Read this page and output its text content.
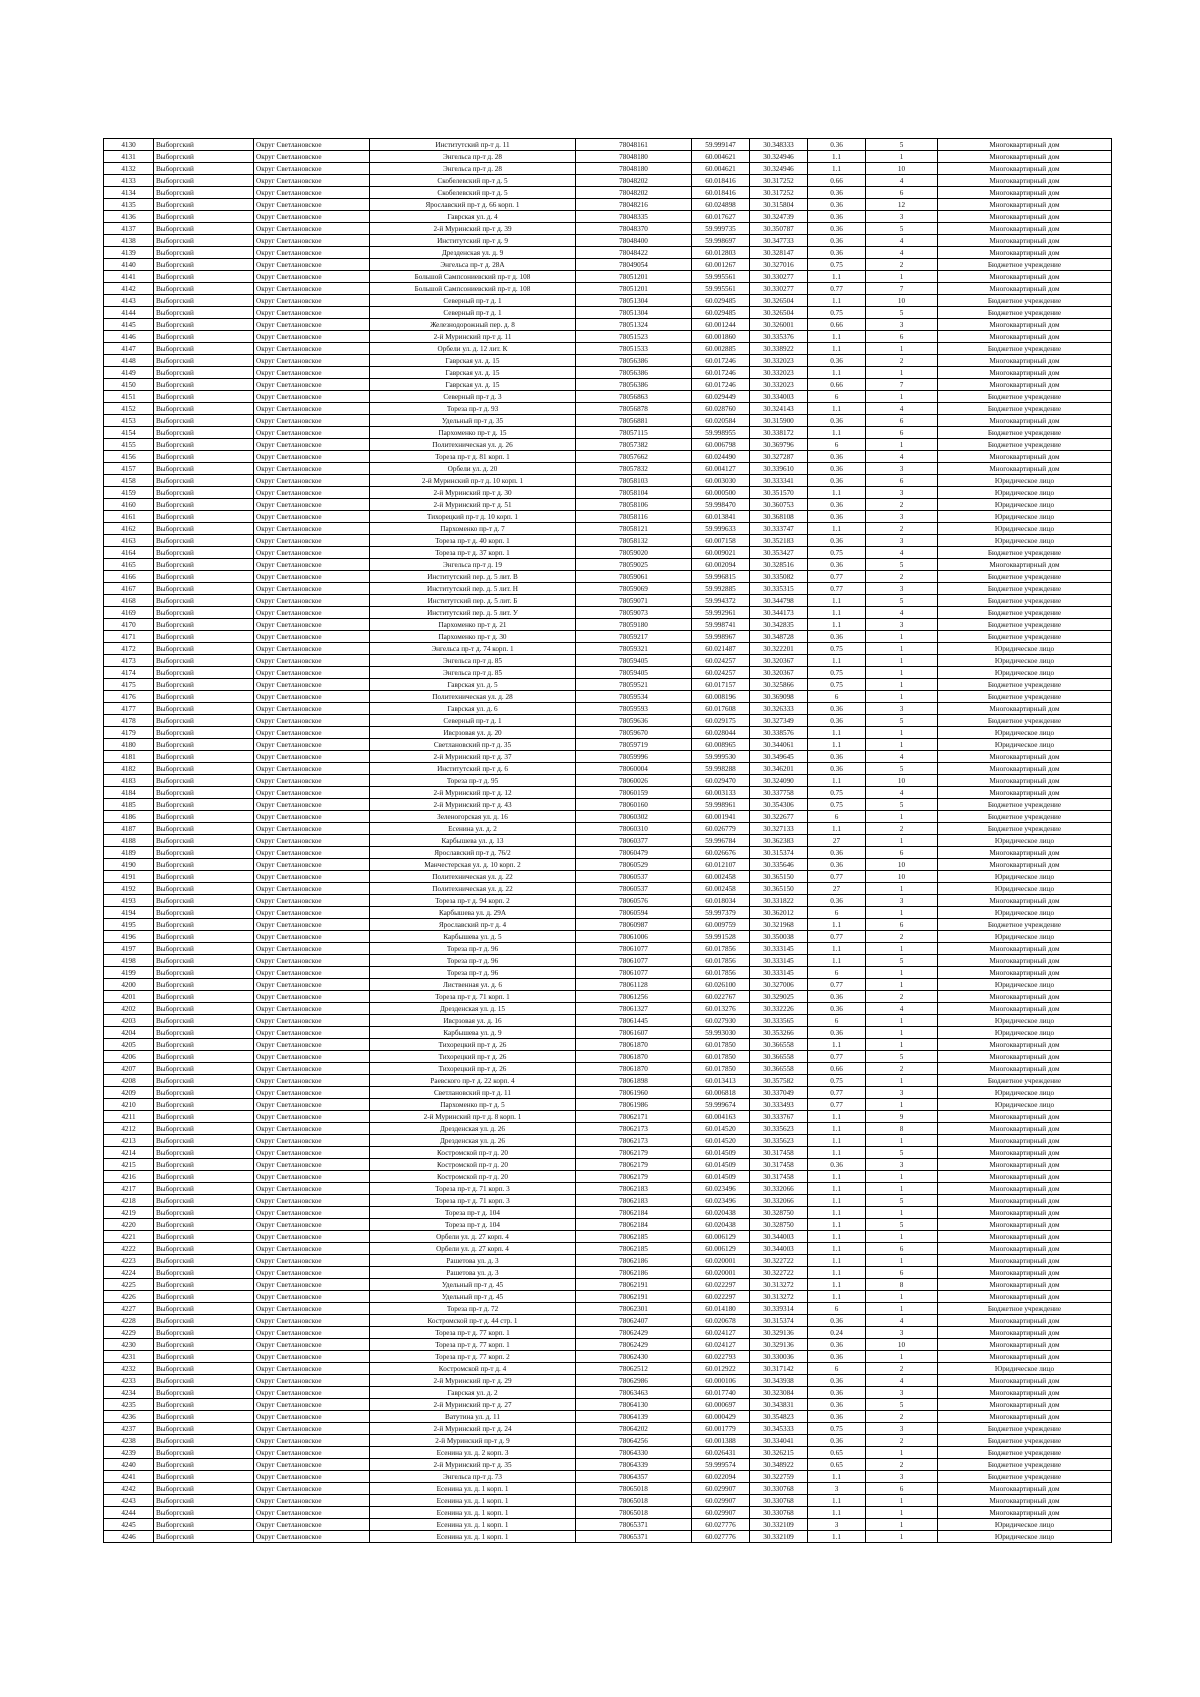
4130	Выборгский	Округ Светлановское	Институтский пр-т д. 11	78048161	59.999147	30.348333	0.36	5	Многоквартирный дом
4131	Выборгский	Округ Светлановское	Энгельса пр-т д. 28	78048180	60.004621	30.324946	1.1	1	Многоквартирный дом
4132	Выборгский	Округ Светлановское	Энгельса пр-т д. 28	78048180	60.004621	30.324946	1.1	10	Многоквартирный дом
4133	Выборгский	Округ Светлановское	Скобелевский пр-т д. 5	78048202	60.018416	30.317252	0.66	4	Многоквартирный дом
4134	Выборгский	Округ Светлановское	Скобелевский пр-т д. 5	78048202	60.018416	30.317252	0.36	6	Многоквартирный дом
4135	Выборгский	Округ Светлановское	Ярославский пр-т д. 66 корп. 1	78048216	60.024898	30.315804	0.36	12	Многоквартирный дом
4136	Выборгский	Округ Светлановское	Гаврская ул. д. 4	78048335	60.017627	30.324739	0.36	3	Многоквартирный дом
4137	Выборгский	Округ Светлановское	2-й Муринский пр-т д. 39	78048370	59.999735	30.350787	0.36	5	Многоквартирный дом
4138	Выборгский	Округ Светлановское	Институтский пр-т д. 9	78048400	59.998697	30.347733	0.36	4	Многоквартирный дом
4139	Выборгский	Округ Светлановское	Дрезденская ул. д. 9	78048422	60.012803	30.328147	0.36	4	Многоквартирный дом
4140	Выборгский	Округ Светлановское	Энгельса пр-т д. 28А	78049054	60.001267	30.327016	0.75	2	Бюджетное учреждение
4141	Выборгский	Округ Светлановское	Большой Сампсониевский пр-т д. 108	78051201	59.995561	30.330277	1.1	1	Многоквартирный дом
4142	Выборгский	Округ Светлановское	Большой Сампсониевский пр-т д. 108	78051201	59.995561	30.330277	0.77	7	Многоквартирный дом
4143	Выборгский	Округ Светлановское	Северный пр-т д. 1	78051304	60.029485	30.326504	1.1	10	Бюджетное учреждение
4144	Выборгский	Округ Светлановское	Северный пр-т д. 1	78051304	60.029485	30.326504	0.75	5	Бюджетное учреждение
4145	Выборгский	Округ Светлановское	Железнодорожный пер. д. 8	78051324	60.001244	30.326001	0.66	3	Многоквартирный дом
4146	Выборгский	Округ Светлановское	2-й Муринский пр-т д. 11	78051523	60.001860	30.335376	1.1	6	Многоквартирный дом
4147	Выборгский	Округ Светлановское	Орбели ул. д. 12 лит. К	78051533	60.002885	30.338922	1.1	1	Бюджетное учреждение
4148	Выборгский	Округ Светлановское	Гаврская ул. д. 15	78056386	60.017246	30.332023	0.36	2	Многоквартирный дом
4149	Выборгский	Округ Светлановское	Гаврская ул. д. 15	78056386	60.017246	30.332023	1.1	1	Многоквартирный дом
4150	Выборгский	Округ Светлановское	Гаврская ул. д. 15	78056386	60.017246	30.332023	0.66	7	Многоквартирный дом
4151	Выборгский	Округ Светлановское	Северный пр-т д. 3	78056863	60.029449	30.334003	6	1	Бюджетное учреждение
4152	Выборгский	Округ Светлановское	Тореза пр-т д. 93	78056878	60.028760	30.324143	1.1	4	Бюджетное учреждение
4153	Выборгский	Округ Светлановское	Удельный пр-т д. 35	78056881	60.020584	30.315900	0.36	6	Многоквартирный дом
4154	Выборгский	Округ Светлановское	Пархоменко пр-т д. 15	78057115	59.998955	30.338172	1.1	6	Бюджетное учреждение
4155	Выборгский	Округ Светлановское	Политехническая ул. д. 26	78057382	60.006798	30.369796	6	1	Бюджетное учреждение
4156	Выборгский	Округ Светлановское	Тореза пр-т д. 81 корп. 1	78057662	60.024490	30.327287	0.36	4	Многоквартирный дом
4157	Выборгский	Округ Светлановское	Орбели ул. д. 20	78057832	60.004127	30.339610	0.36	3	Многоквартирный дом
4158	Выборгский	Округ Светлановское	2-й Муринский пр-т д. 10 корп. 1	78058103	60.003030	30.333341	0.36	6	Юридическое лицо
4159	Выборгский	Округ Светлановское	2-й Муринский пр-т д. 30	78058104	60.000500	30.351570	1.1	3	Юридическое лицо
4160	Выборгский	Округ Светлановское	2-й Муринский пр-т д. 51	78058106	59.998470	30.360753	0.36	2	Юридическое лицо
4161	Выборгский	Округ Светлановское	Тихорецкий пр-т д. 10 корп. 1	78058116	60.013841	30.368108	0.36	3	Юридическое лицо
4162	Выборгский	Округ Светлановское	Пархоменко пр-т д. 7	78058121	59.999633	30.333747	1.1	2	Юридическое лицо
4163	Выборгский	Округ Светлановское	Тореза пр-т д. 40 корп. 1	78058132	60.007158	30.352183	0.36	3	Юридическое лицо
4164	Выборгский	Округ Светлановское	Тореза пр-т д. 37 корп. 1	78059020	60.009021	30.353427	0.75	4	Бюджетное учреждение
4165	Выборгский	Округ Светлановское	Энгельса пр-т д. 19	78059025	60.002094	30.328516	0.36	5	Многоквартирный дом
4166	Выборгский	Округ Светлановское	Институтский пер. д. 5 лит. В	78059061	59.996815	30.335082	0.77	2	Бюджетное учреждение
4167	Выборгский	Округ Светлановское	Институтский пер. д. 5 лит. Н	78059069	59.992885	30.335315	0.77	3	Бюджетное учреждение
4168	Выборгский	Округ Светлановское	Институтский пер. д. 5 лит. Б	78059071	59.994372	30.344798	1.1	5	Бюджетное учреждение
4169	Выборгский	Округ Светлановское	Институтский пер. д. 5 лит. У	78059073	59.992961	30.344173	1.1	4	Бюджетное учреждение
4170	Выборгский	Округ Светлановское	Пархоменко пр-т д. 21	78059180	59.998741	30.342835	1.1	3	Бюджетное учреждение
4171	Выборгский	Округ Светлановское	Пархоменко пр-т д. 30	78059217	59.998967	30.348728	0.36	1	Бюджетное учреждение
4172	Выборгский	Округ Светлановское	Энгельса пр-т д. 74 корп. 1	78059321	60.021487	30.322201	0.75	1	Юридическое лицо
4173	Выборгский	Округ Светлановское	Энгельса пр-т д. 85	78059405	60.024257	30.320367	1.1	1	Юридическое лицо
4174	Выборгский	Округ Светлановское	Энгельса пр-т д. 85	78059405	60.024257	30.320367	0.75	1	Юридическое лицо
4175	Выборгский	Округ Светлановское	Гаврская ул. д. 5	78059521	60.017157	30.325866	0.75	1	Бюджетное учреждение
4176	Выборгский	Округ Светлановское	Политехническая ул. д. 28	78059534	60.008196	30.369098	6	1	Бюджетное учреждение
4177	Выборгский	Округ Светлановское	Гаврская ул. д. 6	78059593	60.017608	30.326333	0.36	3	Многоквартирный дом
4178	Выборгский	Округ Светлановское	Северный пр-т д. 1	78059636	60.029175	30.327349	0.36	5	Бюджетное учреждение
4179	Выборгский	Округ Светлановское	Ивсрзовая ул. д. 20	78059670	60.028044	30.338576	1.1	1	Юридическое лицо
4180	Выборгский	Округ Светлановское	Светлановский пр-т д. 35	78059719	60.008965	30.344061	1.1	1	Юридическое лицо
4181	Выборгский	Округ Светлановское	2-й Муринский пр-т д. 37	78059996	59.999530	30.349645	0.36	4	Многоквартирный дом
4182	Выборгский	Округ Светлановское	Институтский пр-т д. 6	78060004	59.998288	30.346201	0.36	5	Многоквартирный дом
4183	Выборгский	Округ Светлановское	Тореза пр-т д. 95	78060026	60.029470	30.324090	1.1	10	Многоквартирный дом
4184	Выборгский	Округ Светлановское	2-й Муринский пр-т д. 12	78060159	60.003133	30.337758	0.75	4	Многоквартирный дом
4185	Выборгский	Округ Светлановское	2-й Муринский пр-т д. 43	78060160	59.998961	30.354306	0.75	5	Бюджетное учреждение
4186	Выборгский	Округ Светлановское	Зеленогорская ул. д. 16	78060302	60.001941	30.322677	6	1	Бюджетное учреждение
4187	Выборгский	Округ Светлановское	Есенина ул. д. 2	78060310	60.026779	30.327133	1.1	2	Бюджетное учреждение
4188	Выборгский	Округ Светлановское	Карбышева ул. д. 13	78060377	59.996784	30.362383	27	1	Юридическое лицо
4189	Выборгский	Округ Светлановское	Ярославский пр-т д. 76/2	78060479	60.026676	30.315374	0.36	6	Многоквартирный дом
4190	Выборгский	Округ Светлановское	Манчестерская ул. д. 10 корп. 2	78060529	60.012107	30.335646	0.36	10	Многоквартирный дом
4191	Выборгский	Округ Светлановское	Политехническая ул. д. 22	78060537	60.002458	30.365150	0.77	10	Юридическое лицо
4192	Выборгский	Округ Светлановское	Политехническая ул. д. 22	78060537	60.002458	30.365150	27	1	Юридическое лицо
4193	Выборгский	Округ Светлановское	Тореза пр-т д. 94 корп. 2	78060576	60.018034	30.331822	0.36	3	Многоквартирный дом
4194	Выборгский	Округ Светлановское	Карбышева ул. д. 29А	78060594	59.997379	30.362012	6	1	Юридическое лицо
4195	Выборгский	Округ Светлановское	Ярославский пр-т д. 4	78060987	60.009759	30.321968	1.1	6	Бюджетное учреждение
4196	Выборгский	Округ Светлановское	Карбышева ул. д. 5	78061006	59.991528	30.350038	0.77	2	Юридическое лицо
4197	Выборгский	Округ Светлановское	Тореза пр-т д. 96	78061077	60.017856	30.333145	1.1	1	Многоквартирный дом
4198	Выборгский	Округ Светлановское	Тореза пр-т д. 96	78061077	60.017856	30.333145	1.1	5	Многоквартирный дом
4199	Выборгский	Округ Светлановское	Тореза пр-т д. 96	78061077	60.017856	30.333145	6	1	Многоквартирный дом
4200	Выборгский	Округ Светлановское	Лиственная ул. д. 6	78061128	60.026100	30.327006	0.77	1	Юридическое лицо
4201	Выборгский	Округ Светлановское	Тореза пр-т д. 71 корп. 1	78061256	60.022767	30.329025	0.36	2	Многоквартирный дом
4202	Выборгский	Округ Светлановское	Дрезденская ул. д. 15	78061327	60.013276	30.332226	0.36	4	Многоквартирный дом
4203	Выборгский	Округ Светлановское	Ивсрзовая ул. д. 16	78061445	60.027930	30.333565	6	1	Юридическое лицо
4204	Выборгский	Округ Светлановское	Карбышева ул. д. 9	78061607	59.993030	30.353266	0.36	1	Юридическое лицо
4205	Выборгский	Округ Светлановское	Тихорецкий пр-т д. 26	78061870	60.017850	30.366558	1.1	1	Многоквартирный дом
4206	Выборгский	Округ Светлановское	Тихорецкий пр-т д. 26	78061870	60.017850	30.366558	0.77	5	Многоквартирный дом
4207	Выборгский	Округ Светлановское	Тихорецкий пр-т д. 26	78061870	60.017850	30.366558	0.66	2	Многоквартирный дом
4208	Выборгский	Округ Светлановское	Раевского пр-т д. 22 корп. 4	78061898	60.013413	30.357582	0.75	1	Бюджетное учреждение
4209	Выборгский	Округ Светлановское	Светлановский пр-т д. 11	78061960	60.006818	30.337049	0.77	3	Юридическое лицо
4210	Выборгский	Округ Светлановское	Пархоменко пр-т д. 5	78061986	59.999674	30.333493	0.77	1	Юридическое лицо
4211	Выборгский	Округ Светлановское	2-й Муринский пр-т д. 8 корп. 1	78062171	60.004163	30.333767	1.1	9	Многоквартирный дом
4212	Выборгский	Округ Светлановское	Дрезденская ул. д. 26	78062173	60.014520	30.335623	1.1	8	Многоквартирный дом
4213	Выборгский	Округ Светлановское	Дрезденская ул. д. 26	78062173	60.014520	30.335623	1.1	1	Многоквартирный дом
4214	Выборгский	Округ Светлановское	Костромской пр-т д. 20	78062179	60.014509	30.317458	1.1	5	Многоквартирный дом
4215	Выборгский	Округ Светлановское	Костромской пр-т д. 20	78062179	60.014509	30.317458	0.36	3	Многоквартирный дом
4216	Выборгский	Округ Светлановское	Костромской пр-т д. 20	78062179	60.014509	30.317458	1.1	1	Многоквартирный дом
4217	Выборгский	Округ Светлановское	Тореза пр-т д. 71 корп. 3	78062183	60.023496	30.332066	1.1	1	Многоквартирный дом
4218	Выборгский	Округ Светлановское	Тореза пр-т д. 71 корп. 3	78062183	60.023496	30.332066	1.1	5	Многоквартирный дом
4219	Выборгский	Округ Светлановское	Тореза пр-т д. 104	78062184	60.020438	30.328750	1.1	1	Многоквартирный дом
4220	Выборгский	Округ Светлановское	Тореза пр-т д. 104	78062184	60.020438	30.328750	1.1	5	Многоквартирный дом
4221	Выборгский	Округ Светлановское	Орбели ул. д. 27 корп. 4	78062185	60.006129	30.344003	1.1	1	Многоквартирный дом
4222	Выборгский	Округ Светлановское	Орбели ул. д. 27 корп. 4	78062185	60.006129	30.344003	1.1	6	Многоквартирный дом
4223	Выборгский	Округ Светлановское	Рашетова ул. д. 3	78062186	60.020001	30.322722	1.1	1	Многоквартирный дом
4224	Выборгский	Округ Светлановское	Рашетова ул. д. 3	78062186	60.020001	30.322722	1.1	6	Многоквартирный дом
4225	Выборгский	Округ Светлановское	Удельный пр-т д. 45	78062191	60.022297	30.313272	1.1	8	Многоквартирный дом
4226	Выборгский	Округ Светлановское	Удельный пр-т д. 45	78062191	60.022297	30.313272	1.1	1	Многоквартирный дом
4227	Выборгский	Округ Светлановское	Тореза пр-т д. 72	78062301	60.014180	30.339314	6	1	Бюджетное учреждение
4228	Выборгский	Округ Светлановское	Костромской пр-т д. 44 стр. 1	78062407	60.020678	30.315374	0.36	4	Многоквартирный дом
4229	Выборгский	Округ Светлановское	Тореза пр-т д. 77 корп. 1	78062429	60.024127	30.329136	0.24	3	Многоквартирный дом
4230	Выборгский	Округ Светлановское	Тореза пр-т д. 77 корп. 1	78062429	60.024127	30.329136	0.36	10	Многоквартирный дом
4231	Выборгский	Округ Светлановское	Тореза пр-т д. 77 корп. 2	78062430	60.022793	30.330036	0.36	1	Многоквартирный дом
4232	Выборгский	Округ Светлановское	Костромской пр-т д. 4	78062512	60.012922	30.317142	6	2	Юридическое лицо
4233	Выборгский	Округ Светлановское	2-й Муринский пр-т д. 29	78062986	60.000106	30.343938	0.36	4	Многоквартирный дом
4234	Выборгский	Округ Светлановское	Гаврская ул. д. 2	78063463	60.017740	30.323084	0.36	3	Многоквартирный дом
4235	Выборгский	Округ Светлановское	2-й Муринский пр-т д. 27	78064130	60.000697	30.343831	0.36	5	Многоквартирный дом
4236	Выборгский	Округ Светлановское	Ватутина ул. д. 11	78064139	60.000429	30.354823	0.36	2	Многоквартирный дом
4237	Выборгский	Округ Светлановское	2-й Муринский пр-т д. 24	78064202	60.001779	30.345333	0.75	3	Бюджетное учреждение
4238	Выборгский	Округ Светлановское	2-й Муринский пр-т д. 9	78064256	60.001388	30.334041	0.36	2	Бюджетное учреждение
4239	Выборгский	Округ Светлановское	Есенина ул. д. 2 корп. 3	78064330	60.026431	30.326215	0.65	1	Бюджетное учреждение
4240	Выборгский	Округ Светлановское	2-й Муринский пр-т д. 35	78064339	59.999574	30.348922	0.65	2	Бюджетное учреждение
4241	Выборгский	Округ Светлановское	Энгельса пр-т д. 73	78064357	60.022094	30.322759	1.1	3	Бюджетное учреждение
4242	Выборгский	Округ Светлановское	Есенина ул. д. 1 корп. 1	78065018	60.029907	30.330768	3	6	Многоквартирный дом
4243	Выборгский	Округ Светлановское	Есенина ул. д. 1 корп. 1	78065018	60.029907	30.330768	1.1	1	Многоквартирный дом
4244	Выборгский	Округ Светлановское	Есенина ул. д. 1 корп. 1	78065018	60.029907	30.330768	1.1	1	Многоквартирный дом
4245	Выборгский	Округ Светлановское	Есенина ул. д. 1 корп. 1	78065371	60.027776	30.332109	3	1	Юридическое лицо
4246	Выборгский	Округ Светлановское	Есенина ул. д. 1 корп. 1	78065371	60.027776	30.332109	1.1	1	Юридическое лицо
